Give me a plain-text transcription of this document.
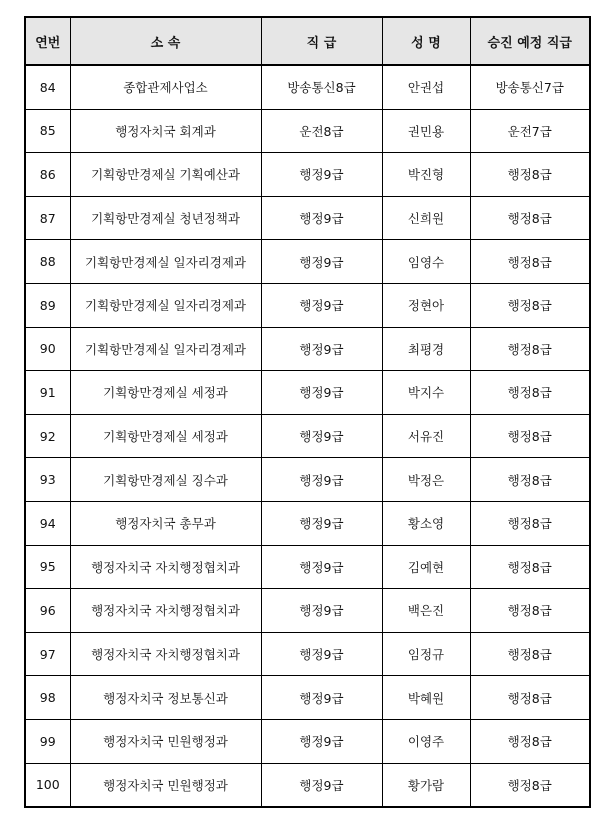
연번	소 속	직 급	성 명	승진 예정 직급
84	종합관제사업소	방송통신8급	안권섭	방송통신7급
85	행정자치국 회계과	운전8급	권민용	운전7급
86	기획항만경제실 기획예산과	행정9급	박진형	행정8급
87	기획항만경제실 청년정책과	행정9급	신희원	행정8급
88	기획항만경제실 일자리경제과	행정9급	임영수	행정8급
89	기획항만경제실 일자리경제과	행정9급	정현아	행정8급
90	기획항만경제실 일자리경제과	행정9급	최평경	행정8급
91	기획항만경제실 세정과	행정9급	박지수	행정8급
92	기획항만경제실 세정과	행정9급	서유진	행정8급
93	기획항만경제실 징수과	행정9급	박정은	행정8급
94	행정자치국 총무과	행정9급	황소영	행정8급
95	행정자치국 자치행정협치과	행정9급	김예현	행정8급
96	행정자치국 자치행정협치과	행정9급	백은진	행정8급
97	행정자치국 자치행정협치과	행정9급	임정규	행정8급
98	행정자치국 정보통신과	행정9급	박혜원	행정8급
99	행정자치국 민원행정과	행정9급	이영주	행정8급
100	행정자치국 민원행정과	행정9급	황가람	행정8급
